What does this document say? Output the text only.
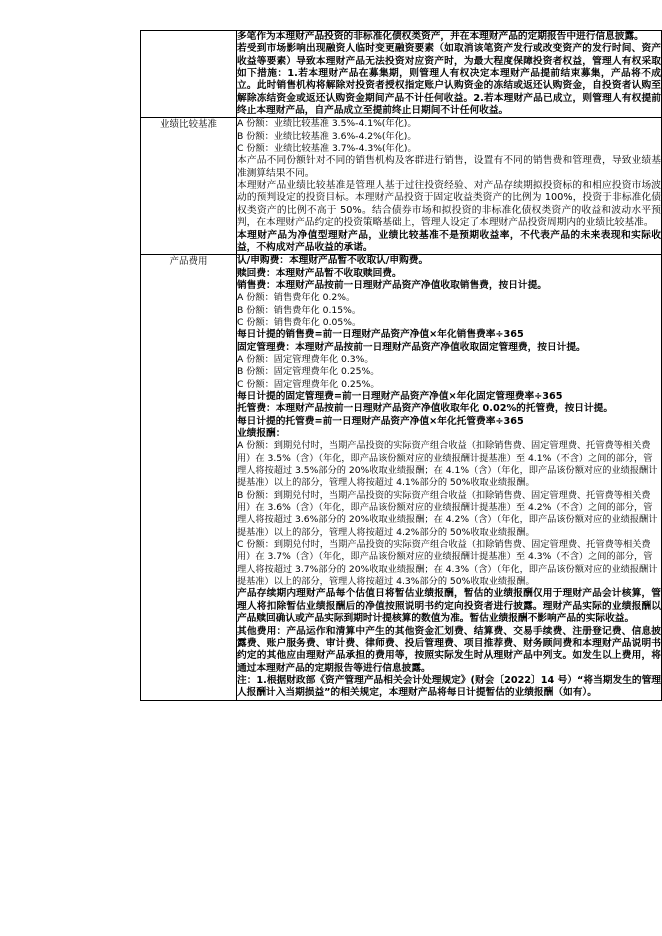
	多笔作为本理财产品投资的非标准化债权类资产，并在本理财产品的定期报告中进行信息披露。

若受到市场影响出现融资人临时变更融资要素（如取消该笔资产发行或改变资产的发行时间、资产收益等要素）导致本理财产品无法投资对应资产时，为最大程度保障投资者权益，管理人有权采取如下措施：1.若本理财产品在募集期，则管理人有权决定本理财产品提前结束募集，产品将不成立。此时销售机构将解除对投资者授权指定账户认购资金的冻结或返还认购资金，自投资者认购至解除冻结资金或返还认购资金期间产品不计任何收益。2.若本理财产品已成立，则管理人有权提前终止本理财产品，自产品成立至提前终止日期间不计任何收益。

业绩比较基准	A 份额：业绩比较基准 3.5%-4.1%(年化)。

B 份额：业绩比较基准 3.6%-4.2%(年化)。

C 份额：业绩比较基准 3.7%-4.3%(年化)。

本产品不同份额针对不同的销售机构及客群进行销售，设置有不同的销售费和管理费，导致业绩基准测算结果不同。

本理财产品业绩比较基准是管理人基于过往投资经验、对产品存续期拟投资标的和相应投资市场波动的预判设定的投资目标。本理财产品投资于固定收益类资产的比例为 100%，投资于非标准化债权类资产的比例不高于 50%。结合债券市场和拟投资的非标准化债权类资产的收益和波动水平预判，在本理财产品约定的投资策略基础上，管理人设定了本理财产品投资周期内的业绩比较基准。

本理财产品为净值型理财产品，业绩比较基准不是预期收益率，不代表产品的未来表现和实际收益，不构成对产品收益的承诺。

产品费用	认/申购费：本理财产品暂不收取认/申购费。

赎回费：本理财产品暂不收取赎回费。

销售费：本理财产品按前一日理财产品资产净值收取销售费，按日计提。

A 份额：销售费年化 0.2%。

B 份额：销售费年化 0.15%。

C 份额：销售费年化 0.05%。

每日计提的销售费=前一日理财产品资产净值×年化销售费率÷365

固定管理费：本理财产品按前一日理财产品资产净值收取固定管理费，按日计提。

A 份额：固定管理费年化 0.3%。

B 份额：固定管理费年化 0.25%。

C 份额：固定管理费年化 0.25%。

每日计提的固定管理费=前一日理财产品资产净值×年化固定管理费率÷365

托管费：本理财产品按前一日理财产品资产净值收取年化 0.02%的托管费，按日计提。

每日计提的托管费=前一日理财产品资产净值×年化托管费率÷365

业绩报酬：

A 份额：到期兑付时，当期产品投资的实际资产组合收益（扣除销售费、固定管理费、托管费等相关费用）在 3.5%（含）（年化，即产品该份额对应的业绩报酬计提基准）至 4.1%（不含）之间的部分，管理人将按超过 3.5%部分的 20%收取业绩报酬；在 4.1%（含）（年化，即产品该份额对应的业绩报酬计提基准）以上的部分，管理人将按超过 4.1%部分的 50%收取业绩报酬。

B 份额：到期兑付时，当期产品投资的实际资产组合收益（扣除销售费、固定管理费、托管费等相关费用）在 3.6%（含）（年化，即产品该份额对应的业绩报酬计提基准）至 4.2%（不含）之间的部分，管理人将按超过 3.6%部分的 20%收取业绩报酬；在 4.2%（含）（年化，即产品该份额对应的业绩报酬计提基准）以上的部分，管理人将按超过 4.2%部分的 50%收取业绩报酬。

C 份额：到期兑付时，当期产品投资的实际资产组合收益（扣除销售费、固定管理费、托管费等相关费用）在 3.7%（含）（年化，即产品该份额对应的业绩报酬计提基准）至 4.3%（不含）之间的部分，管理人将按超过 3.7%部分的 20%收取业绩报酬；在 4.3%（含）（年化，即产品该份额对应的业绩报酬计提基准）以上的部分，管理人将按超过 4.3%部分的 50%收取业绩报酬。

产品存续期内理财产品每个估值日将暂估业绩报酬，暂估的业绩报酬仅用于理财产品会计核算，管理人将扣除暂估业绩报酬后的净值按照说明书约定向投资者进行披露。理财产品实际的业绩报酬以产品赎回确认或产品实际到期时计提核算的数值为准。暂估业绩报酬不影响产品的实际收益。

其他费用：产品运作和清算中产生的其他资金汇划费、结算费、交易手续费、注册登记费、信息披露费、账户服务费、审计费、律师费、投后管理费、项目推荐费、财务顾问费和本理财产品说明书约定的其他应由理财产品承担的费用等，按照实际发生时从理财产品中列支。如发生以上费用，将通过本理财产品的定期报告等进行信息披露。

注：1.根据财政部《资产管理产品相关会计处理规定》(财会〔2022〕14 号）“将当期发生的管理人报酬计入当期损益”的相关规定，本理财产品将每日计提暂估的业绩报酬（如有）。
